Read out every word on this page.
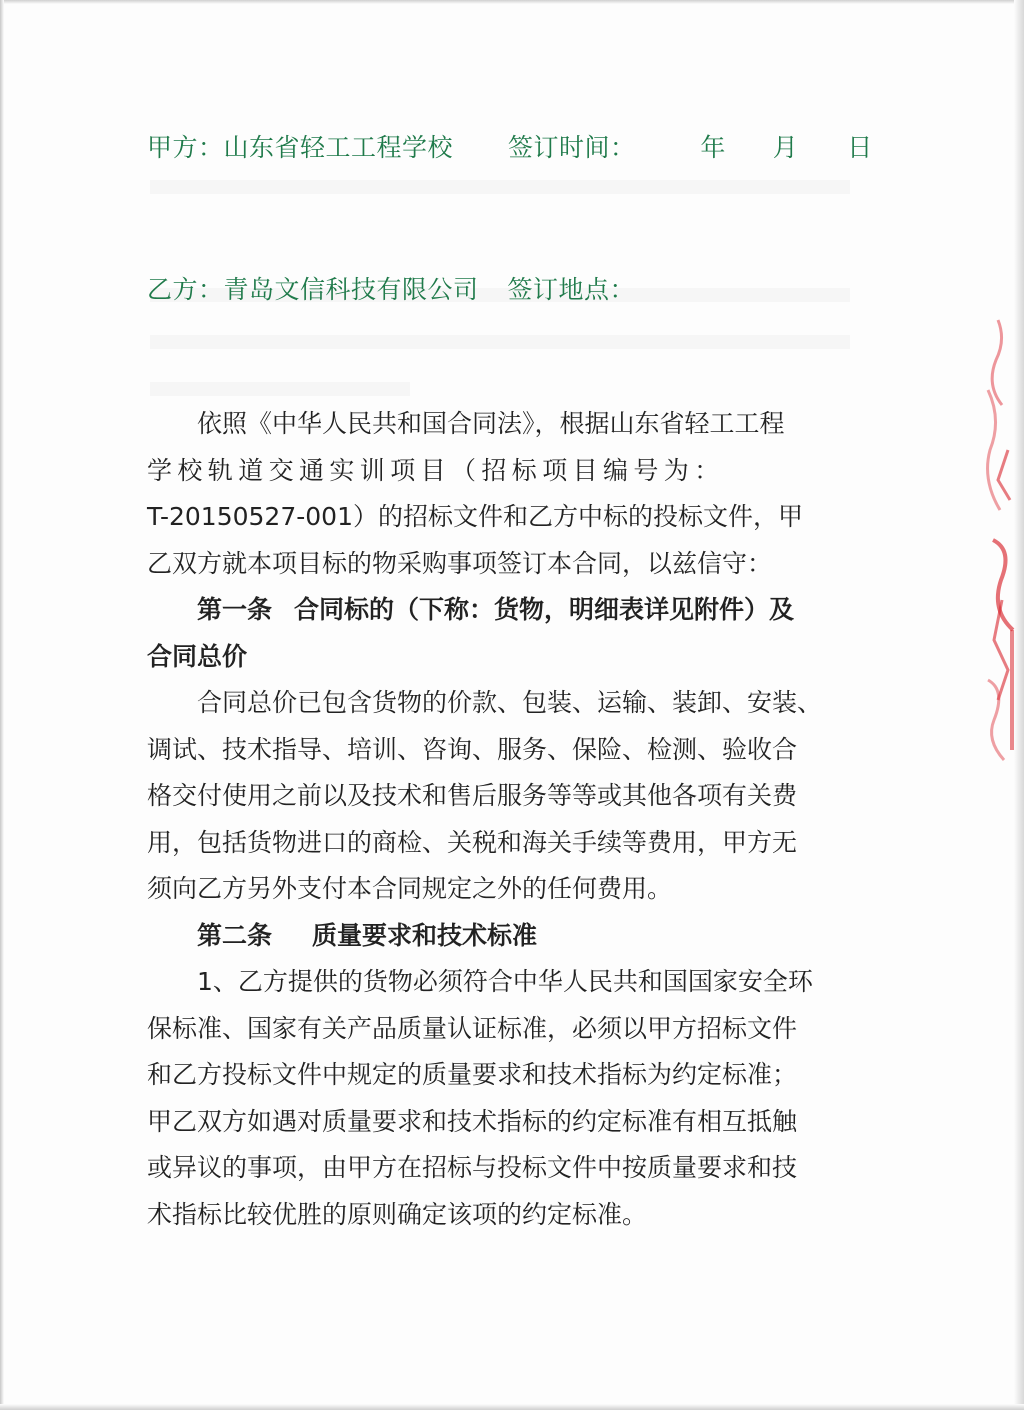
甲方：山东省轻工工程学校 签订时间：	年 月 日
乙方：青岛文信科技有限公司 签订地点：

依照《中华人民共和国合同法》，根据山东省轻工工程

学校轨道交通实训项目（招标项目编号为：

T-20150527-001）的招标文件和乙方中标的投标文件，甲

乙双方就本项目标的物采购事项签订本合同，以兹信守：

第一条 合同标的（下称：货物，明细表详见附件）及

合同总价

合同总价已包含货物的价款、包装、运输、装卸、安装、

调试、技术指导、培训、咨询、服务、保险、检测、验收合

格交付使用之前以及技术和售后服务等等或其他各项有关费

用，包括货物进口的商检、关税和海关手续等费用，甲方无

须向乙方另外支付本合同规定之外的任何费用。

第二条 质量要求和技术标准

1、乙方提供的货物必须符合中华人民共和国国家安全环

保标准、国家有关产品质量认证标准，必须以甲方招标文件

和乙方投标文件中规定的质量要求和技术指标为约定标准；

甲乙双方如遇对质量要求和技术指标的约定标准有相互抵触

或异议的事项，由甲方在招标与投标文件中按质量要求和技

术指标比较优胜的原则确定该项的约定标准。
